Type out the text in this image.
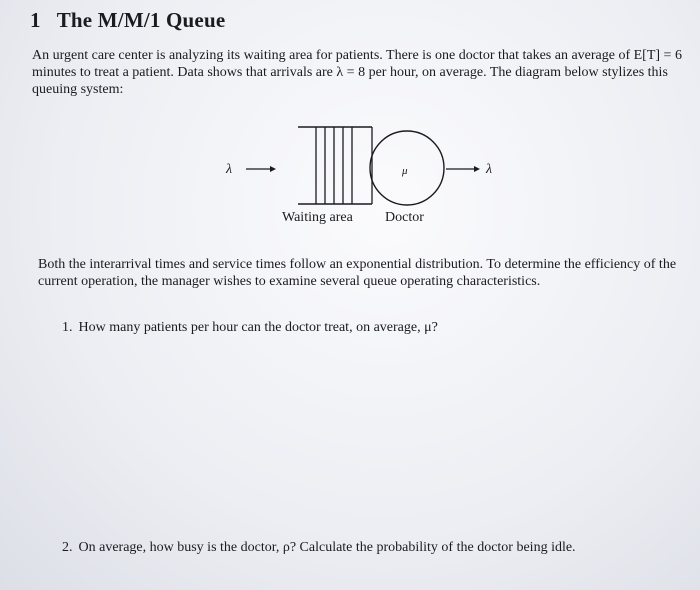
1 The M/M/1 Queue
An urgent care center is analyzing its waiting area for patients. There is one doctor that takes an average of E[T] = 6 minutes to treat a patient. Data shows that arrivals are λ = 8 per hour, on average. The diagram below stylizes this queuing system:
λ	μ	λ
Waiting area Doctor
Both the interarrival times and service times follow an exponential distribution. To determine the efficiency of the current operation, the manager wishes to examine several queue operating characteristics.
1. How many patients per hour can the doctor treat, on average, μ?
2. On average, how busy is the doctor, ρ? Calculate the probability of the doctor being idle.
